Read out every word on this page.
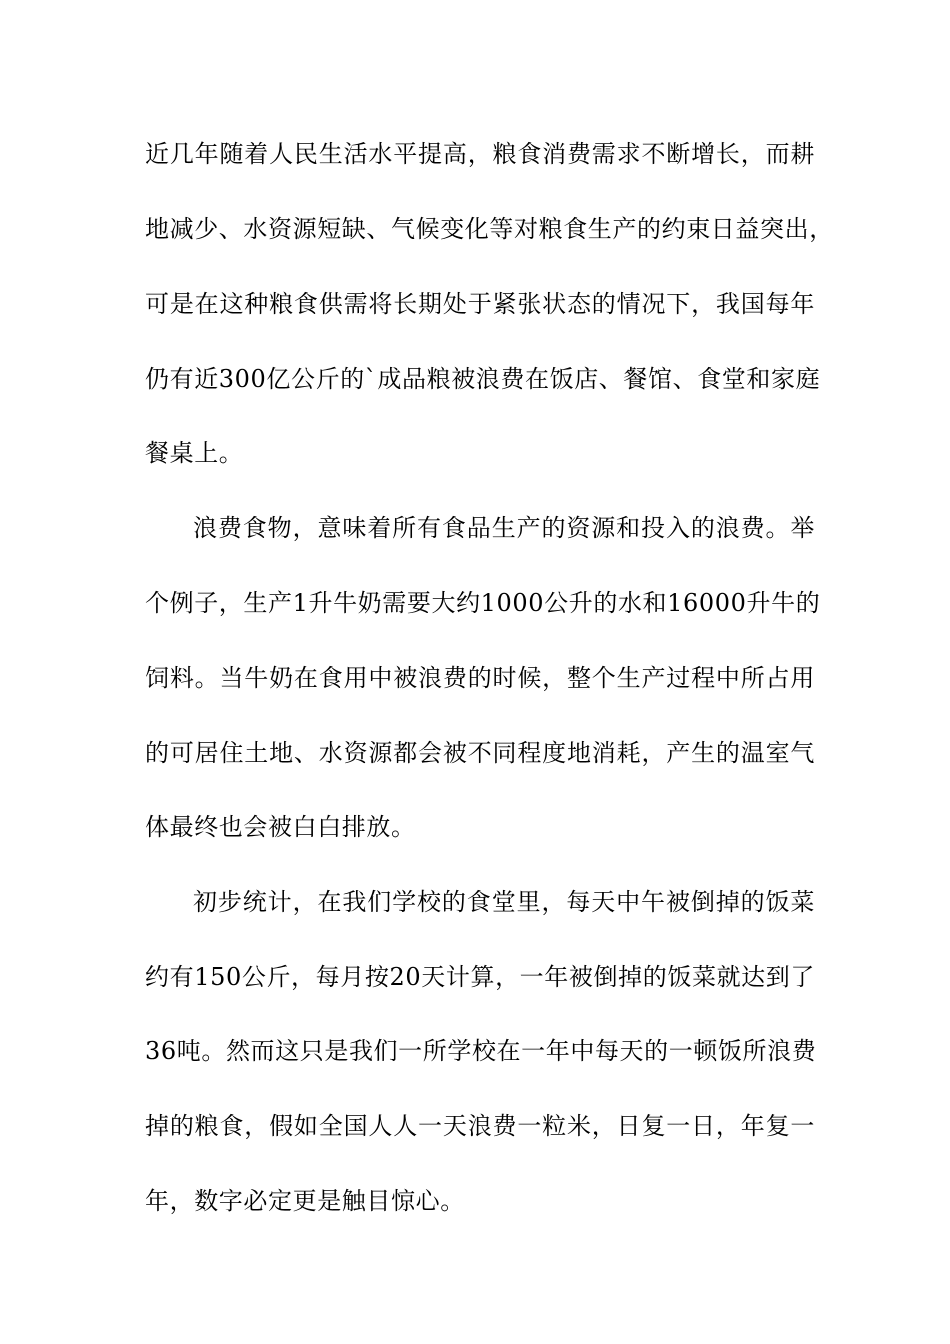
近几年随着人民生活水平提高，粮食消费需求不断增长，而耕
地减少、水资源短缺、气候变化等对粮食生产的约束日益突出，
可是在这种粮食供需将长期处于紧张状态的情况下，我国每年
仍有近300亿公斤的`成品粮被浪费在饭店、餐馆、食堂和家庭
餐桌上。
浪费食物，意味着所有食品生产的资源和投入的浪费。举
个例子，生产1升牛奶需要大约1000公升的水和16000升牛的
饲料。当牛奶在食用中被浪费的时候，整个生产过程中所占用
的可居住土地、水资源都会被不同程度地消耗，产生的温室气
体最终也会被白白排放。
初步统计，在我们学校的食堂里，每天中午被倒掉的饭菜
约有150公斤，每月按20天计算，一年被倒掉的饭菜就达到了
36吨。然而这只是我们一所学校在一年中每天的一顿饭所浪费
掉的粮食，假如全国人人一天浪费一粒米，日复一日，年复一
年，数字必定更是触目惊心。
